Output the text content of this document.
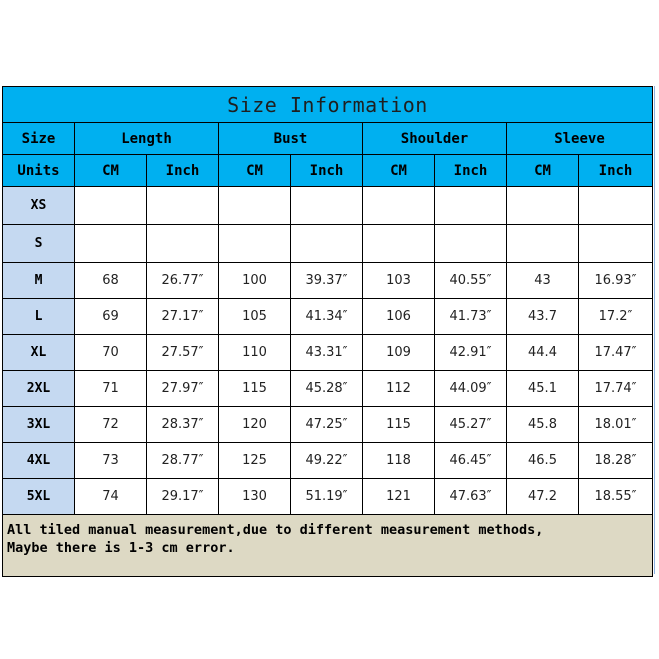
Size Information								
Size	Length		Bust		Shoulder		Sleeve	
Units	CM	Inch	CM	Inch	CM	Inch	CM	Inch
XS								
S								
M	68	26.77″	100	39.37″	103	40.55″	43	16.93″
L	69	27.17″	105	41.34″	106	41.73″	43.7	17.2″
XL	70	27.57″	110	43.31″	109	42.91″	44.4	17.47″
2XL	71	27.97″	115	45.28″	112	44.09″	45.1	17.74″
3XL	72	28.37″	120	47.25″	115	45.27″	45.8	18.01″
4XL	73	28.77″	125	49.22″	118	46.45″	46.5	18.28″
5XL	74	29.17″	130	51.19″	121	47.63″	47.2	18.55″

All tiled manual measurement,due to different measurement methods,
Maybe there is 1-3 cm error.								
